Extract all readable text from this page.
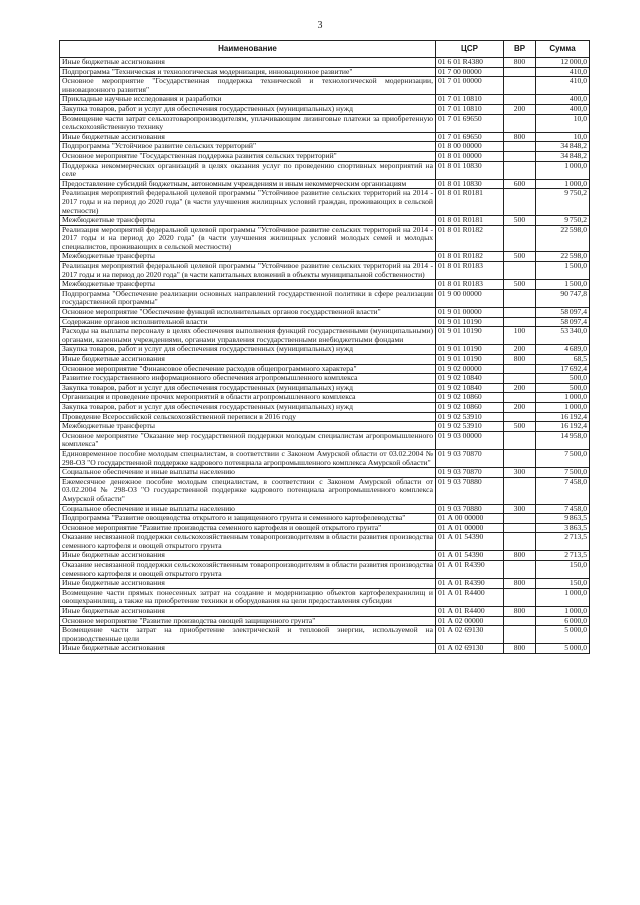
3
Наименование	ЦСР	ВР	Сумма
Иные бюджетные ассигнования	01 6 01 R4380	800	12 000,0
Подпрограмма "Техническая и технологическая модернизация, инновационное развитие"	01 7 00 00000		410,0
Основное мероприятие "Государственная поддержка технической и технологической модернизации, инновационного развития"	01 7 01 00000		410,0
Прикладные научные исследования и разработки	01 7 01 10810		400,0
Закупка товаров, работ и услуг для обеспечения государственных (муниципальных) нужд	01 7 01 10810	200	400,0
Возмещение части затрат сельхозтоваропроизводителям, уплачивающим лизинговые платежи за приобретенную сельскохозяйственную технику	01 7 01 69650		10,0
Иные бюджетные ассигнования	01 7 01 69650	800	10,0
Подпрограмма "Устойчивое развитие сельских территорий"	01 8 00 00000		34 848,2
Основное мероприятие "Государственная поддержка развития сельских территорий"	01 8 01 00000		34 848,2
Поддержка некоммерческих организаций в целях оказания услуг по проведению спортивных мероприятий на селе	01 8 01 10830		1 000,0
Предоставление субсидий бюджетным, автономным учреждениям и иным некоммерческим организациям	01 8 01 10830	600	1 000,0
Реализация мероприятий федеральной целевой программы "Устойчивое развитие сельских территорий на 2014 - 2017 годы и на период до 2020 года" (в части улучшения жилищных условий граждан, проживающих в сельской местности)	01 8 01 R0181		9 750,2
Межбюджетные трансферты	01 8 01 R0181	500	9 750,2
Реализация мероприятий федеральной целевой программы "Устойчивое развитие сельских территорий на 2014 - 2017 годы и на период до 2020 года" (в части улучшения жилищных условий молодых семей и молодых специалистов, проживающих в сельской местности)	01 8 01 R0182		22 598,0
Межбюджетные трансферты	01 8 01 R0182	500	22 598,0
Реализация мероприятий федеральной целевой программы "Устойчивое развитие сельских территорий на 2014 - 2017 годы и на период до 2020 года" (в части капитальных вложений в объекты муниципальной собственности)	01 8 01 R0183		1 500,0
Межбюджетные трансферты	01 8 01 R0183	500	1 500,0
Подпрограмма "Обеспечение реализации основных направлений государственной политики в сфере реализации государственной программы"	01 9 00 00000		90 747,8
Основное мероприятие "Обеспечение функций исполнительных органов государственной власти"	01 9 01 00000		58 097,4
Содержание органов исполнительной власти	01 9 01 10190		58 097,4
Расходы на выплаты персоналу в целях обеспечения выполнения функций государственными (муниципальными) органами, казенными учреждениями, органами управления государственными внебюджетными фондами	01 9 01 10190	100	53 340,0
Закупка товаров, работ и услуг для обеспечения государственных (муниципальных) нужд	01 9 01 10190	200	4 689,0
Иные бюджетные ассигнования	01 9 01 10190	800	68,5
Основное мероприятие "Финансовое обеспечение расходов общепрограммного характера"	01 9 02 00000		17 692,4
Развитие государственного информационного обеспечения агропромышленного комплекса	01 9 02 10840		500,0
Закупка товаров, работ и услуг для обеспечения государственных (муниципальных) нужд	01 9 02 10840	200	500,0
Организация и проведение прочих мероприятий в области агропромышленного комплекса	01 9 02 10860		1 000,0
Закупка товаров, работ и услуг для обеспечения государственных (муниципальных) нужд	01 9 02 10860	200	1 000,0
Проведение Всероссийской сельскохозяйственной переписи в 2016 году	01 9 02 53910		16 192,4
Межбюджетные трансферты	01 9 02 53910	500	16 192,4
Основное мероприятие "Оказание мер государственной поддержки молодым специалистам агропромышленного комплекса"	01 9 03 00000		14 958,0
Единовременное пособие молодым специалистам, в соответствии с Законом Амурской области от 03.02.2004 № 298-ОЗ "О государственной поддержке кадрового потенциала агропромышленного комплекса Амурской области"	01 9 03 70870		7 500,0
Социальное обеспечение и иные выплаты населению	01 9 03 70870	300	7 500,0
Ежемесячное денежное пособие молодым специалистам, в соответствии с Законом Амурской области от 03.02.2004 № 298-ОЗ "О государственной поддержке кадрового потенциала агропромышленного комплекса Амурской области"	01 9 03 70880		7 458,0
Социальное обеспечение и иные выплаты населению	01 9 03 70880	300	7 458,0
Подпрограмма "Развитие овощеводства открытого и защищенного грунта и семенного картофелеводства"	01 А 00 00000		9 863,5
Основное мероприятие "Развитие производства семенного картофеля и овощей открытого грунта"	01 А 01 00000		3 863,5
Оказание несвязанной поддержки сельскохозяйственным товаропроизводителям в области развития производства семенного картофеля и овощей открытого грунта	01 А 01 54390		2 713,5
Иные бюджетные ассигнования	01 А 01 54390	800	2 713,5
Оказание несвязанной поддержки сельскохозяйственным товаропроизводителям в области развития производства семенного картофеля и овощей открытого грунта	01 А 01 R4390		150,0
Иные бюджетные ассигнования	01 А 01 R4390	800	150,0
Возмещение части прямых понесенных затрат на создание и модернизацию объектов картофелехранилищ и овощехранилищ, а также на приобретение техники и оборудования на цели предоставления субсидии	01 А 01 R4400		1 000,0
Иные бюджетные ассигнования	01 А 01 R4400	800	1 000,0
Основное мероприятие "Развитие производства овощей защищенного грунта"	01 А 02 00000		6 000,0
Возмещение части затрат на приобретение электрической и тепловой энергии, используемой на производственные цели	01 А 02 69130		5 000,0
Иные бюджетные ассигнования	01 А 02 69130	800	5 000,0
